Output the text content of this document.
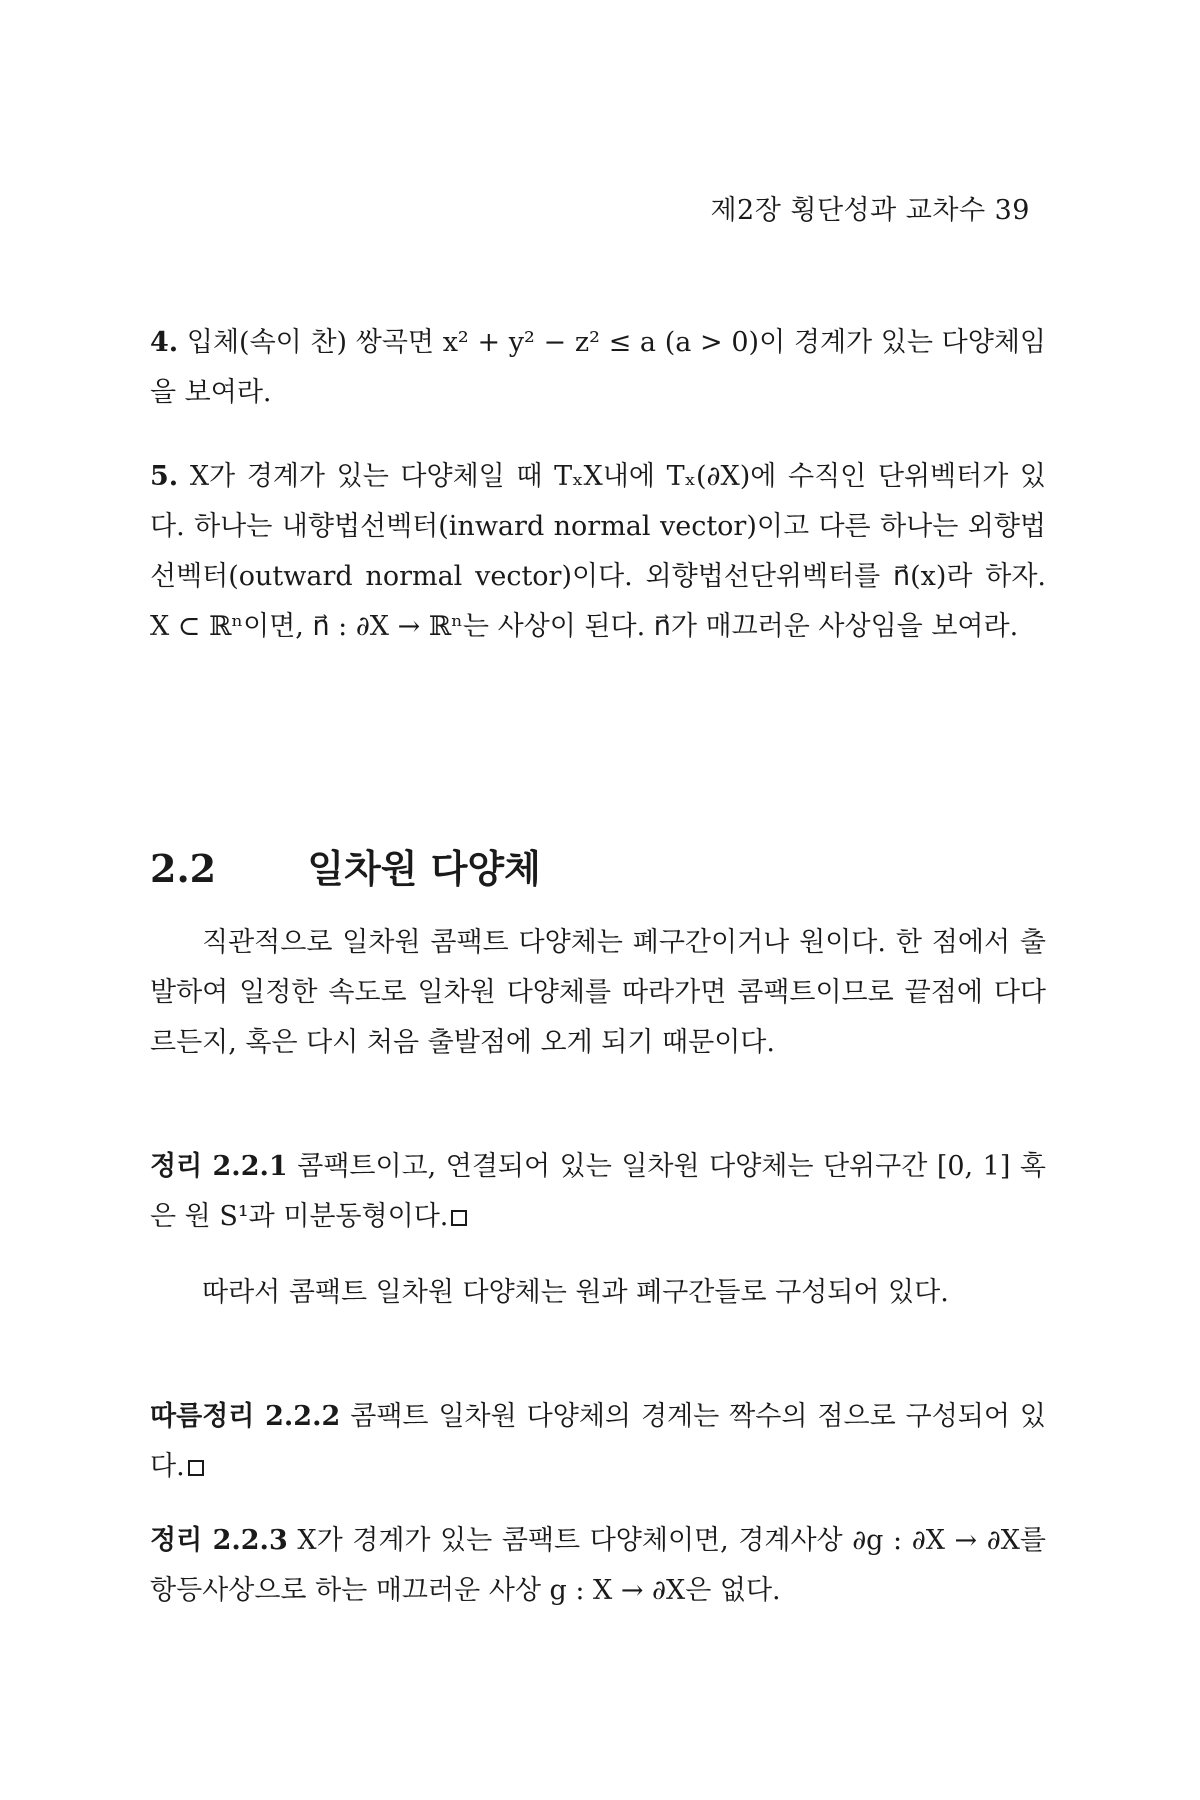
제2장 횡단성과 교차수 39
4. 입체(속이 찬) 쌍곡면 x² + y² − z² ≤ a (a > 0)이 경계가 있는 다양체임을 보여라.
5. X가 경계가 있는 다양체일 때 TₓX내에 Tₓ(∂X)에 수직인 단위벡터가 있다. 하나는 내향법선벡터(inward normal vector)이고 다른 하나는 외향법선벡터(outward normal vector)이다. 외향법선단위벡터를 n⃗(x)라 하자. X ⊂ ℝⁿ이면, n⃗ : ∂X → ℝⁿ는 사상이 된다. n⃗가 매끄러운 사상임을 보여라.
2.2 일차원 다양체
직관적으로 일차원 콤팩트 다양체는 폐구간이거나 원이다. 한 점에서 출발하여 일정한 속도로 일차원 다양체를 따라가면 콤팩트이므로 끝점에 다다르든지, 혹은 다시 처음 출발점에 오게 되기 때문이다.
정리 2.2.1 콤팩트이고, 연결되어 있는 일차원 다양체는 단위구간 [0, 1] 혹은 원 S¹과 미분동형이다.
따라서 콤팩트 일차원 다양체는 원과 폐구간들로 구성되어 있다.
따름정리 2.2.2 콤팩트 일차원 다양체의 경계는 짝수의 점으로 구성되어 있다.
정리 2.2.3 X가 경계가 있는 콤팩트 다양체이면, 경계사상 ∂g : ∂X → ∂X를 항등사상으로 하는 매끄러운 사상 g : X → ∂X은 없다.
